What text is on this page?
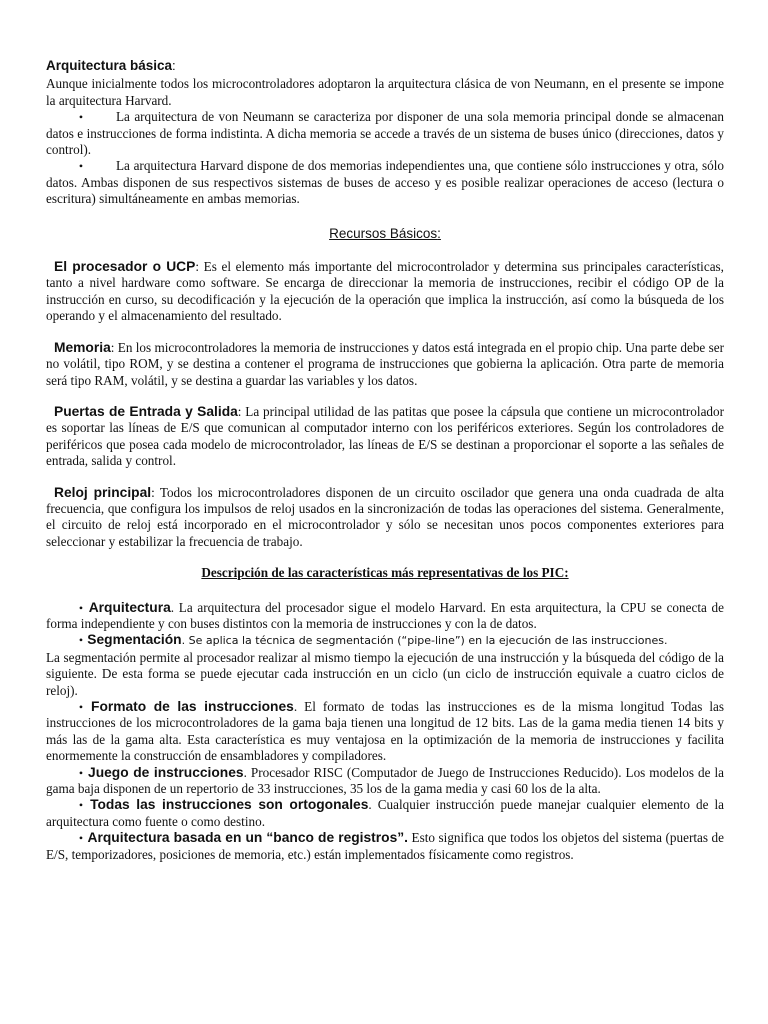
Arquitectura básica:

Aunque inicialmente todos los microcontroladores adoptaron la arquitectura clásica de von Neumann, en el presente se impone la arquitectura Harvard.

•	La arquitectura de von Neumann se caracteriza por disponer de una sola memoria principal donde se almacenan datos e instrucciones de forma indistinta. A dicha memoria se accede a través de un sistema de buses único (direcciones, datos y control).

•	La arquitectura Harvard dispone de dos memorias independientes una, que contiene sólo instrucciones y otra, sólo datos. Ambas disponen de sus respectivos sistemas de buses de acceso y es posible realizar operaciones de acceso (lectura o escritura) simultáneamente en ambas memorias.

Recursos Básicos:

El procesador o UCP: Es el elemento más importante del microcontrolador y determina sus principales características, tanto a nivel hardware como software. Se encarga de direccionar la memoria de instrucciones, recibir el código OP de la instrucción en curso, su decodificación y la ejecución de la operación que implica la instrucción, así como la búsqueda de los operando y el almacenamiento del resultado.

Memoria: En los microcontroladores la memoria de instrucciones y datos está integrada en el propio chip. Una parte debe ser no volátil, tipo ROM, y se destina a contener el programa de instrucciones que gobierna la aplicación. Otra parte de memoria será tipo RAM, volátil, y se destina a guardar las variables y los datos.

Puertas de Entrada y Salida: La principal utilidad de las patitas que posee la cápsula que contiene un microcontrolador es soportar las líneas de E/S que comunican al computador interno con los periféricos exteriores. Según los controladores de periféricos que posea cada modelo de microcontrolador, las líneas de E/S se destinan a proporcionar el soporte a las señales de entrada, salida y control.

Reloj principal: Todos los microcontroladores disponen de un circuito oscilador que genera una onda cuadrada de alta frecuencia, que configura los impulsos de reloj usados en la sincronización de todas las operaciones del sistema. Generalmente, el circuito de reloj está incorporado en el microcontrolador y sólo se necesitan unos pocos componentes exteriores para seleccionar y estabilizar la frecuencia de trabajo.

Descripción de las características más representativas de los PIC:

• Arquitectura. La arquitectura del procesador sigue el modelo Harvard. En esta arquitectura, la CPU se conecta de forma independiente y con buses distintos con la memoria de instrucciones y con la de datos.

• Segmentación. Se aplica la técnica de segmentación (“pipe-line”) en la ejecución de las instrucciones.

La segmentación permite al procesador realizar al mismo tiempo la ejecución de una instrucción y la búsqueda del código de la siguiente. De esta forma se puede ejecutar cada instrucción en un ciclo (un ciclo de instrucción equivale a cuatro ciclos de reloj).

• Formato de las instrucciones. El formato de todas las instrucciones es de la misma longitud Todas las instrucciones de los microcontroladores de la gama baja tienen una longitud de 12 bits. Las de la gama media tienen 14 bits y más las de la gama alta. Esta característica es muy ventajosa en la optimización de la memoria de instrucciones y facilita enormemente la construcción de ensambladores y compiladores.

• Juego de instrucciones. Procesador RISC (Computador de Juego de Instrucciones Reducido). Los modelos de la gama baja disponen de un repertorio de 33 instrucciones, 35 los de la gama media y casi 60 los de la alta.

• Todas las instrucciones son ortogonales. Cualquier instrucción puede manejar cualquier elemento de la arquitectura como fuente o como destino.

• Arquitectura basada en un “banco de registros”. Esto significa que todos los objetos del sistema (puertas de E/S, temporizadores, posiciones de memoria, etc.) están implementados físicamente como registros.
